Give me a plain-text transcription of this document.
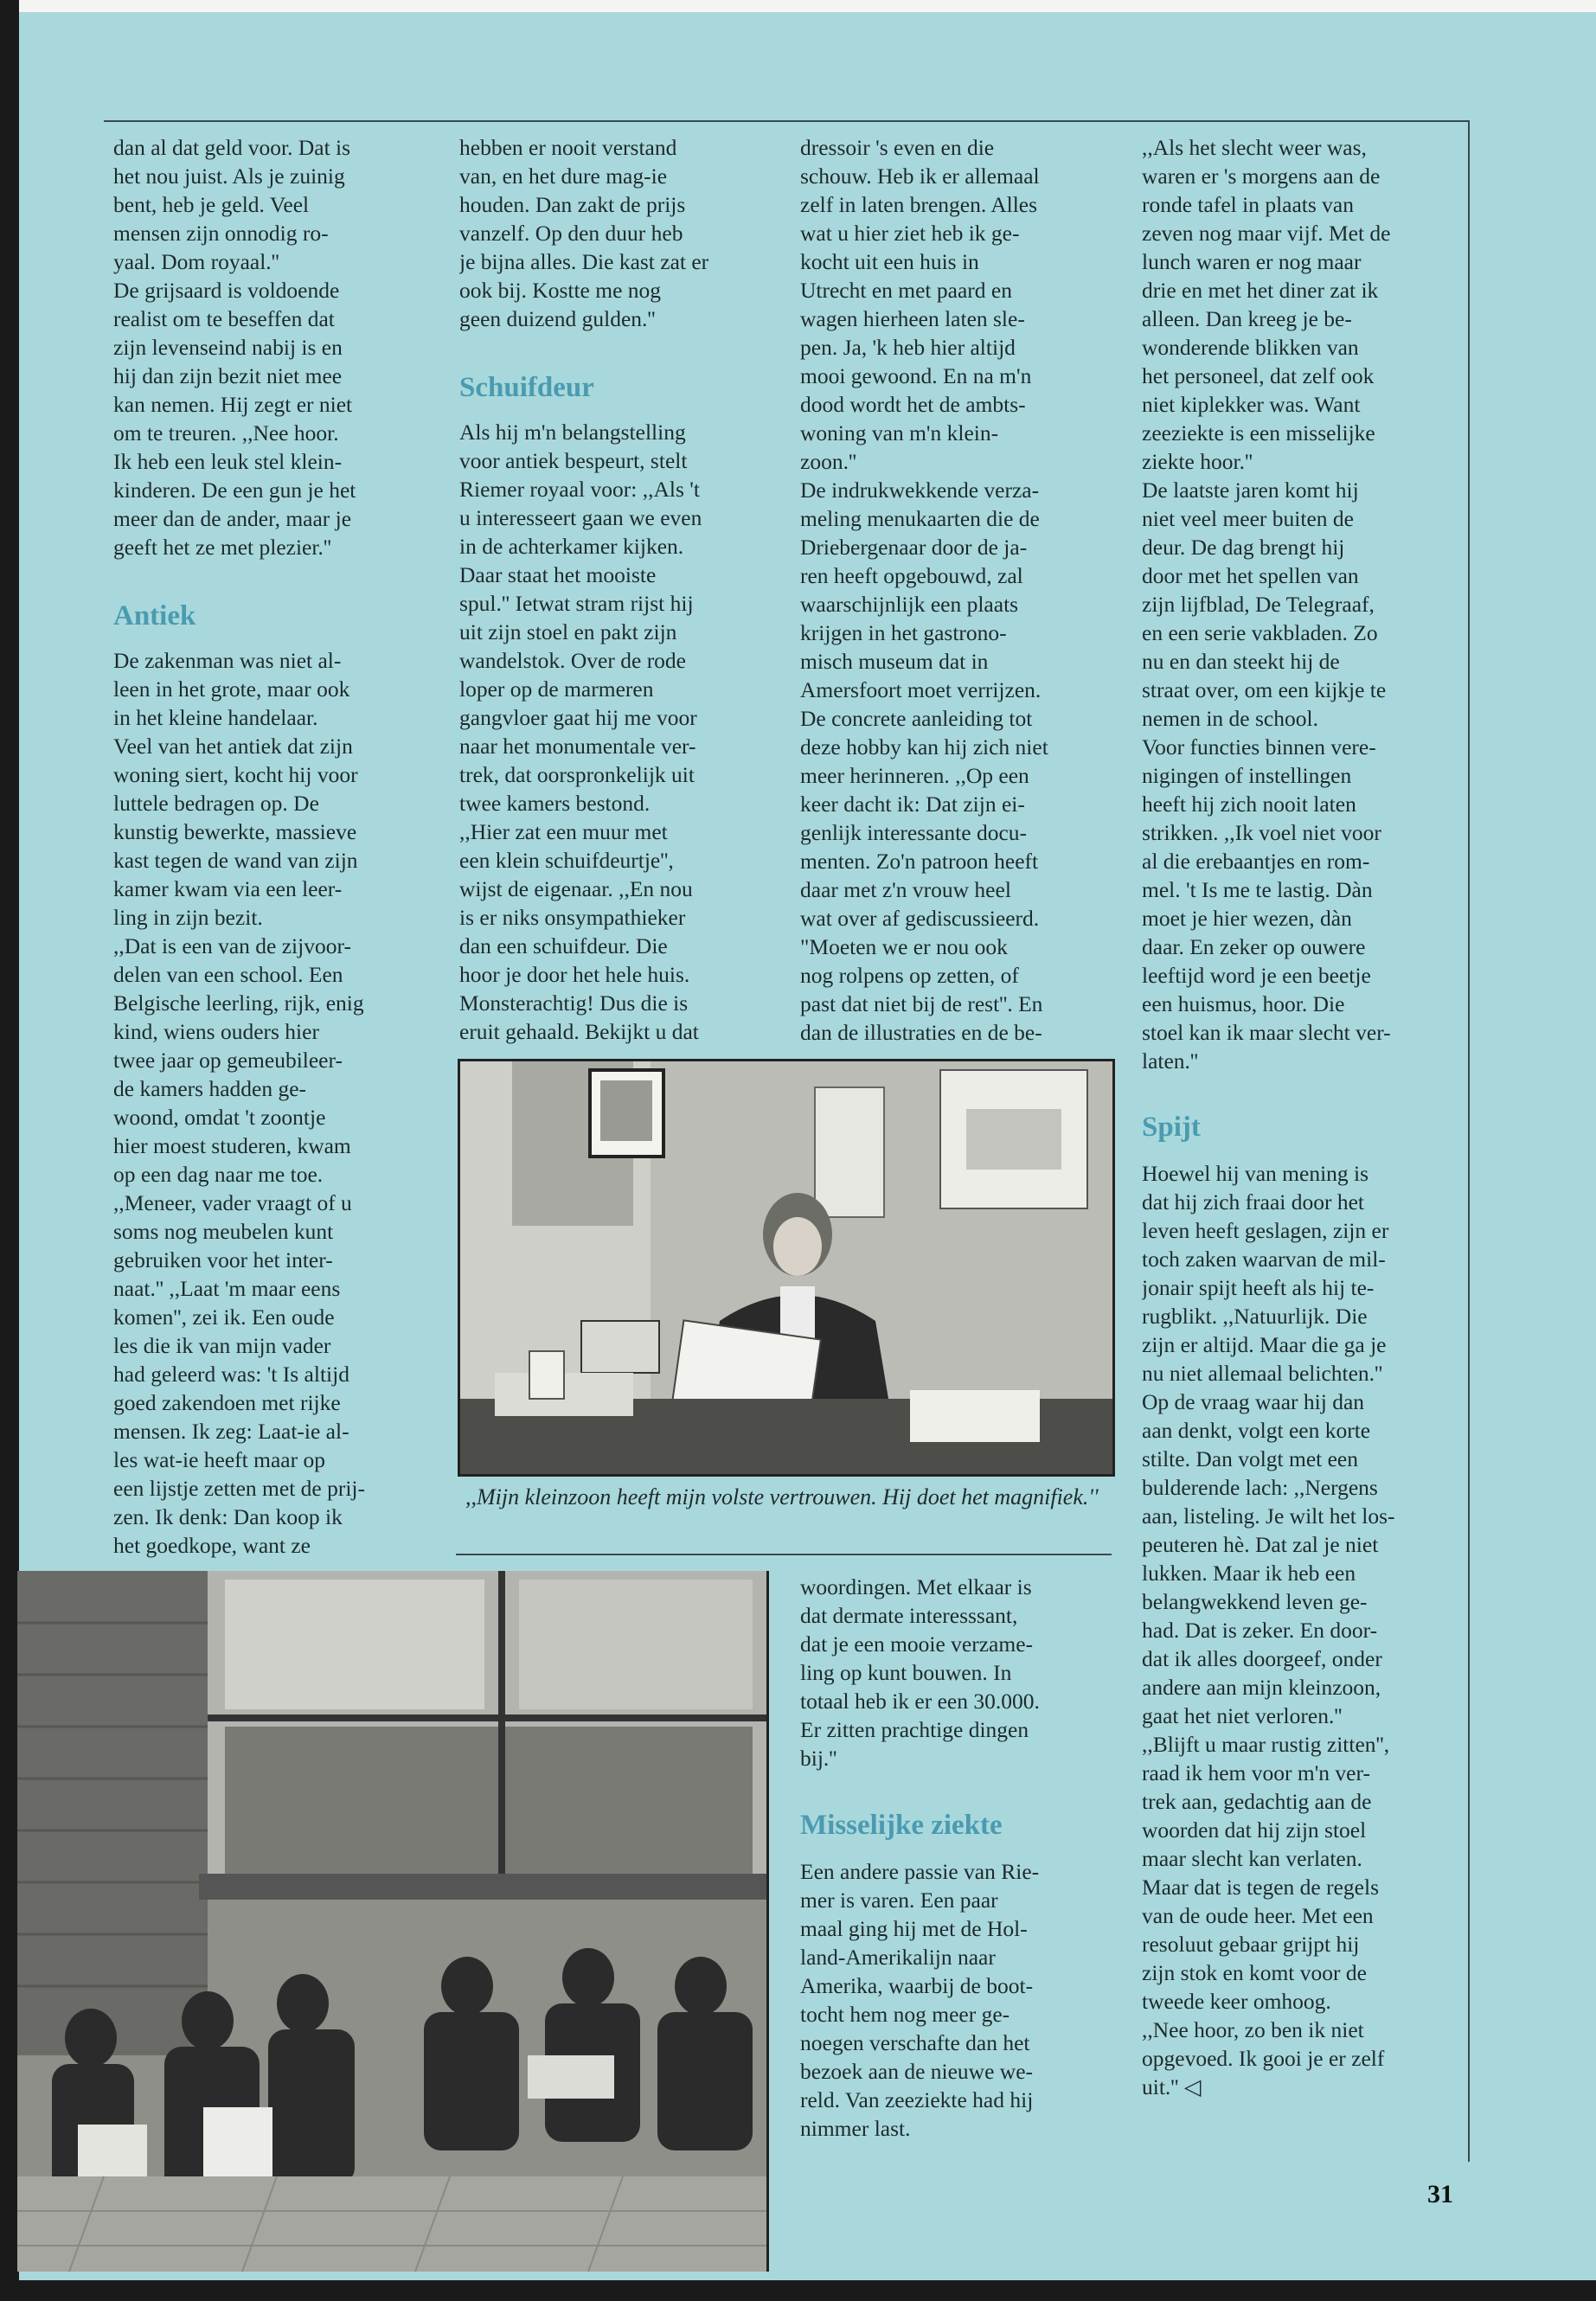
dan al dat geld voor. Dat is
het nou juist. Als je zuinig
bent, heb je geld. Veel
mensen zijn onnodig ro-
yaal. Dom royaal.''
De grijsaard is voldoende
realist om te beseffen dat
zijn levenseind nabij is en
hij dan zijn bezit niet mee
kan nemen. Hij zegt er niet
om te treuren. ,,Nee hoor.
Ik heb een leuk stel klein-
kinderen. De een gun je het
meer dan de ander, maar je
geeft het ze met plezier.''
Antiek
De zakenman was niet al-
leen in het grote, maar ook
in het kleine handelaar.
Veel van het antiek dat zijn
woning siert, kocht hij voor
luttele bedragen op. De
kunstig bewerkte, massieve
kast tegen de wand van zijn
kamer kwam via een leer-
ling in zijn bezit.
,,Dat is een van de zijvoor-
delen van een school. Een
Belgische leerling, rijk, enig
kind, wiens ouders hier
twee jaar op gemeubileer-
de kamers hadden ge-
woond, omdat 't zoontje
hier moest studeren, kwam
op een dag naar me toe.
,,Meneer, vader vraagt of u
soms nog meubelen kunt
gebruiken voor het inter-
naat.'' ,,Laat 'm maar eens
komen'', zei ik. Een oude
les die ik van mijn vader
had geleerd was: 't Is altijd
goed zakendoen met rijke
mensen. Ik zeg: Laat-ie al-
les wat-ie heeft maar op
een lijstje zetten met de prij-
zen. Ik denk: Dan koop ik
het goedkope, want ze
hebben er nooit verstand
van, en het dure mag-ie
houden. Dan zakt de prijs
vanzelf. Op den duur heb
je bijna alles. Die kast zat er
ook bij. Kostte me nog
geen duizend gulden.''
Schuifdeur
Als hij m'n belangstelling
voor antiek bespeurt, stelt
Riemer royaal voor: ,,Als 't
u interesseert gaan we even
in de achterkamer kijken.
Daar staat het mooiste
spul.'' Ietwat stram rijst hij
uit zijn stoel en pakt zijn
wandelstok. Over de rode
loper op de marmeren
gangvloer gaat hij me voor
naar het monumentale ver-
trek, dat oorspronkelijk uit
twee kamers bestond.
,,Hier zat een muur met
een klein schuifdeurtje'',
wijst de eigenaar. ,,En nou
is er niks onsympathieker
dan een schuifdeur. Die
hoor je door het hele huis.
Monsterachtig! Dus die is
eruit gehaald. Bekijkt u dat
dressoir 's even en die
schouw. Heb ik er allemaal
zelf in laten brengen. Alles
wat u hier ziet heb ik ge-
kocht uit een huis in
Utrecht en met paard en
wagen hierheen laten sle-
pen. Ja, 'k heb hier altijd
mooi gewoond. En na m'n
dood wordt het de ambts-
woning van m'n klein-
zoon.''
De indrukwekkende verza-
meling menukaarten die de
Driebergenaar door de ja-
ren heeft opgebouwd, zal
waarschijnlijk een plaats
krijgen in het gastrono-
misch museum dat in
Amersfoort moet verrijzen.
De concrete aanleiding tot
deze hobby kan hij zich niet
meer herinneren. ,,Op een
keer dacht ik: Dat zijn ei-
genlijk interessante docu-
menten. Zo'n patroon heeft
daar met z'n vrouw heel
wat over af gediscussieerd.
"Moeten we er nou ook
nog rolpens op zetten, of
past dat niet bij de rest''. En
dan de illustraties en de be-
woordingen. Met elkaar is
dat dermate interesssant,
dat je een mooie verzame-
ling op kunt bouwen. In
totaal heb ik er een 30.000.
Er zitten prachtige dingen
bij.''
Misselijke ziekte
Een andere passie van Rie-
mer is varen. Een paar
maal ging hij met de Hol-
land-Amerikalijn naar
Amerika, waarbij de boot-
tocht hem nog meer ge-
noegen verschafte dan het
bezoek aan de nieuwe we-
reld. Van zeeziekte had hij
nimmer last.
,,Als het slecht weer was,
waren er 's morgens aan de
ronde tafel in plaats van
zeven nog maar vijf. Met de
lunch waren er nog maar
drie en met het diner zat ik
alleen. Dan kreeg je be-
wonderende blikken van
het personeel, dat zelf ook
niet kiplekker was. Want
zeeziekte is een misselijke
ziekte hoor.''
De laatste jaren komt hij
niet veel meer buiten de
deur. De dag brengt hij
door met het spellen van
zijn lijfblad, De Telegraaf,
en een serie vakbladen. Zo
nu en dan steekt hij de
straat over, om een kijkje te
nemen in de school.
Voor functies binnen vere-
nigingen of instellingen
heeft hij zich nooit laten
strikken. ,,Ik voel niet voor
al die erebaantjes en rom-
mel. 't Is me te lastig. Dàn
moet je hier wezen, dàn
daar. En zeker op ouwere
leeftijd word je een beetje
een huismus, hoor. Die
stoel kan ik maar slecht ver-
laten.''
Spijt
Hoewel hij van mening is
dat hij zich fraai door het
leven heeft geslagen, zijn er
toch zaken waarvan de mil-
jonair spijt heeft als hij te-
rugblikt. ,,Natuurlijk. Die
zijn er altijd. Maar die ga je
nu niet allemaal belichten.''
Op de vraag waar hij dan
aan denkt, volgt een korte
stilte. Dan volgt met een
bulderende lach: ,,Nergens
aan, listeling. Je wilt het los-
peuteren hè. Dat zal je niet
lukken. Maar ik heb een
belangwekkend leven ge-
had. Dat is zeker. En door-
dat ik alles doorgeef, onder
andere aan mijn kleinzoon,
gaat het niet verloren.''
,,Blijft u maar rustig zitten'',
raad ik hem voor m'n ver-
trek aan, gedachtig aan de
woorden dat hij zijn stoel
maar slecht kan verlaten.
Maar dat is tegen de regels
van de oude heer. Met een
resoluut gebaar grijpt hij
zijn stok en komt voor de
tweede keer omhoog.
,,Nee hoor, zo ben ik niet
opgevoed. Ik gooi je er zelf
uit.'' ◁
,,Mijn kleinzoon heeft mijn volste vertrouwen. Hij doet het magnifiek.''
31
